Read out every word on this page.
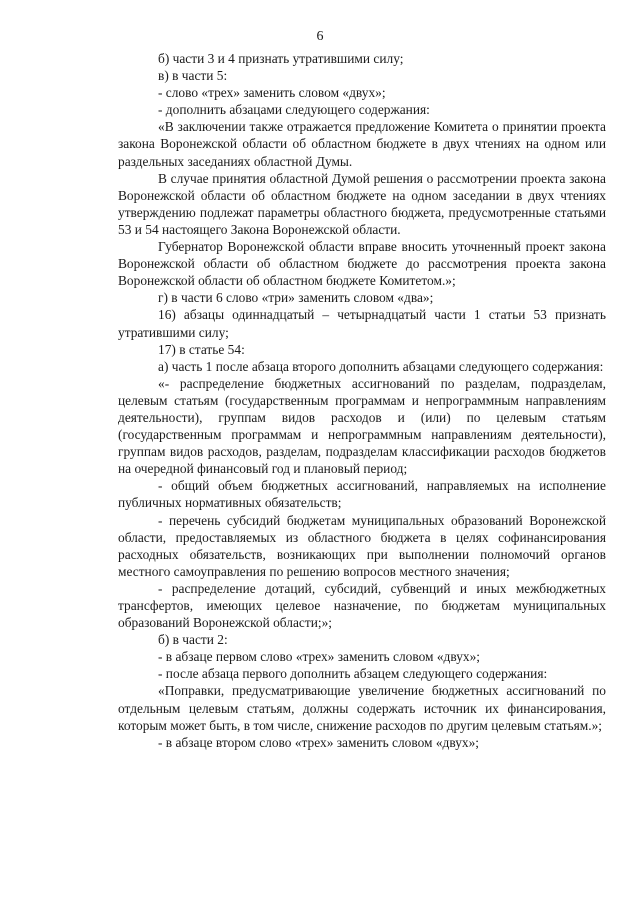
6

б) части 3 и 4 признать утратившими силу;

в) в части 5:

- слово «трех» заменить словом «двух»;

- дополнить абзацами следующего содержания:

«В заключении также отражается предложение Комитета о принятии проекта закона Воронежской области об областном бюджете в двух чтениях на одном или раздельных заседаниях областной Думы.

В случае принятия областной Думой решения о рассмотрении проекта закона Воронежской области об областном бюджете на одном заседании в двух чтениях утверждению подлежат параметры областного бюджета, предусмотренные статьями 53 и 54 настоящего Закона Воронежской области.

Губернатор Воронежской области вправе вносить уточненный проект закона Воронежской области об областном бюджете до рассмотрения проекта закона Воронежской области об областном бюджете Комитетом.»;

г) в части 6 слово «три» заменить словом «два»;

16) абзацы одиннадцатый – четырнадцатый части 1 статьи 53 признать утратившими силу;

17) в статье 54:

а) часть 1 после абзаца второго дополнить абзацами следующего содержания:

«- распределение бюджетных ассигнований по разделам, подразделам, целевым статьям (государственным программам и непрограммным направлениям деятельности), группам видов расходов и (или) по целевым статьям (государственным программам и непрограммным направлениям деятельности), группам видов расходов, разделам, подразделам классификации расходов бюджетов на очередной финансовый год и плановый период;

- общий объем бюджетных ассигнований, направляемых на исполнение публичных нормативных обязательств;

- перечень субсидий бюджетам муниципальных образований Воронежской области, предоставляемых из областного бюджета в целях софинансирования расходных обязательств, возникающих при выполнении полномочий органов местного самоуправления по решению вопросов местного значения;

- распределение дотаций, субсидий, субвенций и иных межбюджетных трансфертов, имеющих целевое назначение, по бюджетам муниципальных образований Воронежской области;»;

б) в части 2:

- в абзаце первом слово «трех» заменить словом «двух»;

- после абзаца первого дополнить абзацем следующего содержания:

«Поправки, предусматривающие увеличение бюджетных ассигнований по отдельным целевым статьям, должны содержать источник их финансирования, которым может быть, в том числе, снижение расходов по другим целевым статьям.»;

- в абзаце втором слово «трех» заменить словом «двух»;
